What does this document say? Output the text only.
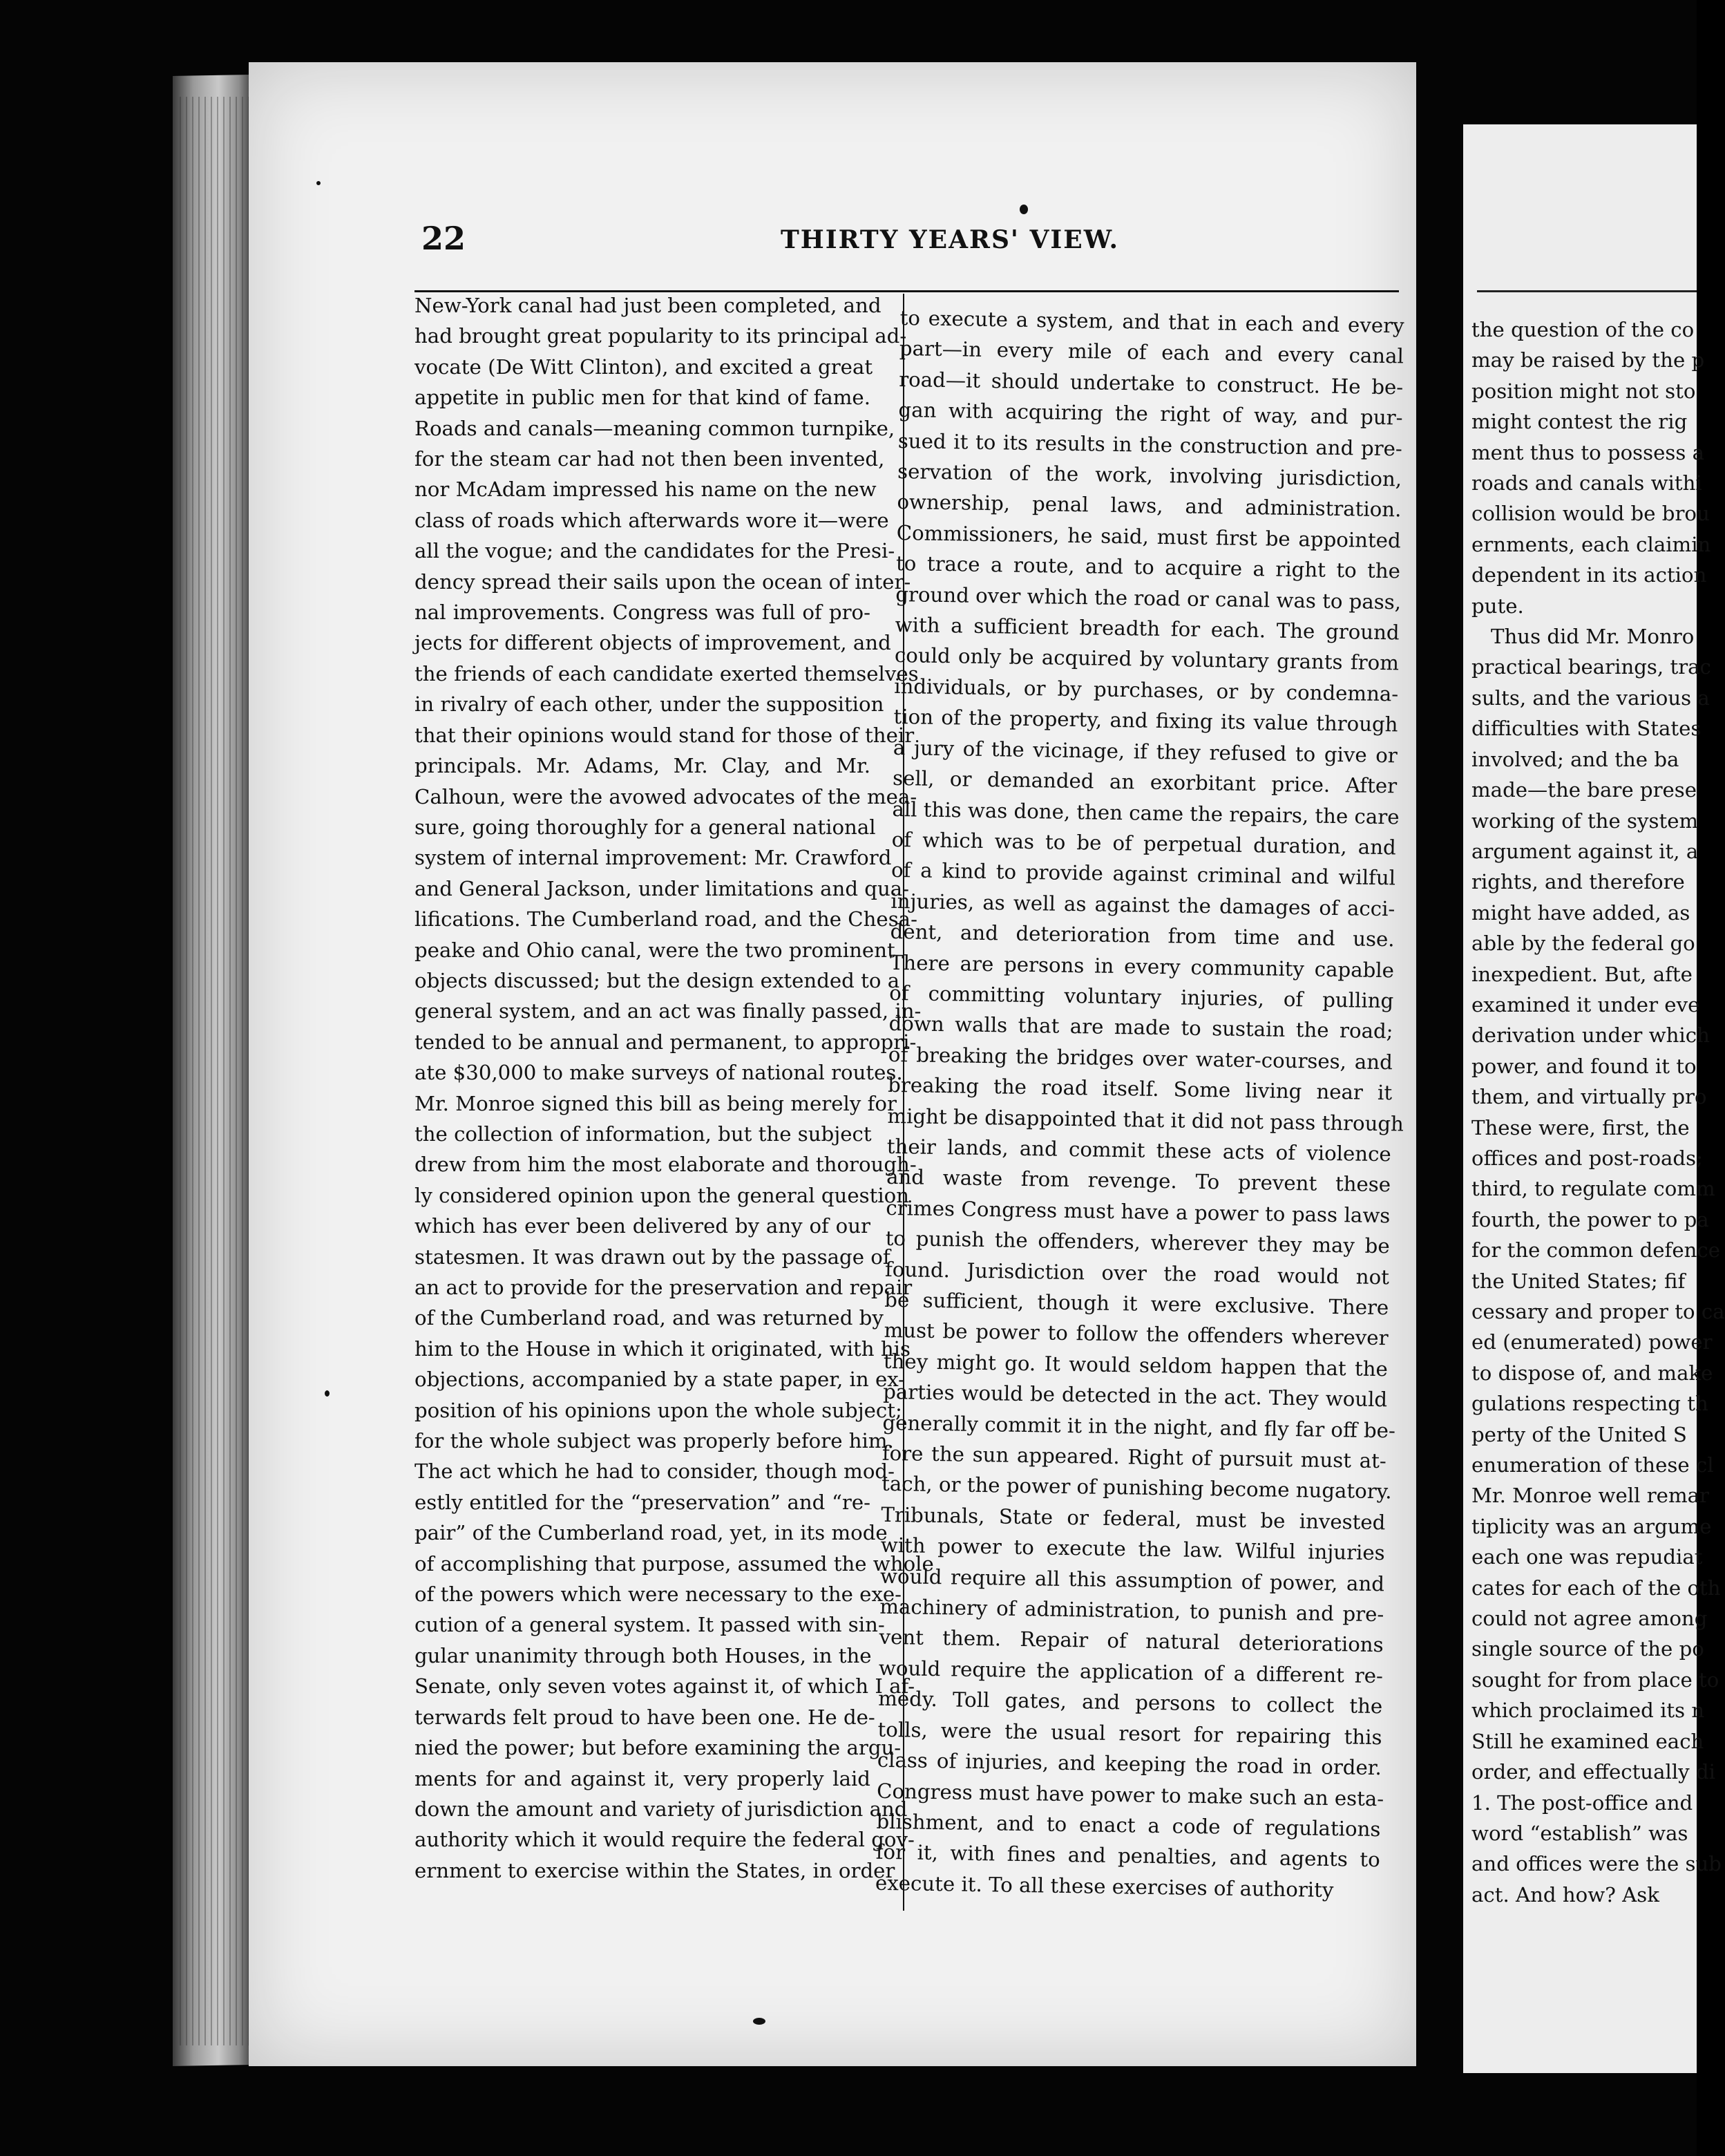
22	THIRTY YEARS' VIEW.
New-York canal had just been completed, and
had brought great popularity to its principal ad-
vocate (De Witt Clinton), and excited a great
appetite in public men for that kind of fame.
Roads and canals—meaning common turnpike,
for the steam car had not then been invented,
nor McAdam impressed his name on the new
class of roads which afterwards wore it—were
all the vogue; and the candidates for the Presi-
dency spread their sails upon the ocean of inter-
nal improvements. Congress was full of pro-
jects for different objects of improvement, and
the friends of each candidate exerted themselves
in rivalry of each other, under the supposition
that their opinions would stand for those of their
principals. Mr. Adams, Mr. Clay, and Mr.
Calhoun, were the avowed advocates of the mea-
sure, going thoroughly for a general national
system of internal improvement: Mr. Crawford
and General Jackson, under limitations and qua-
lifications. The Cumberland road, and the Chesa-
peake and Ohio canal, were the two prominent
objects discussed; but the design extended to a
general system, and an act was finally passed, in-
tended to be annual and permanent, to appropri-
ate $30,000 to make surveys of national routes.
Mr. Monroe signed this bill as being merely for
the collection of information, but the subject
drew from him the most elaborate and thorough-
ly considered opinion upon the general question
which has ever been delivered by any of our
statesmen. It was drawn out by the passage of
an act to provide for the preservation and repair
of the Cumberland road, and was returned by
him to the House in which it originated, with his
objections, accompanied by a state paper, in ex-
position of his opinions upon the whole subject;
for the whole subject was properly before him.
The act which he had to consider, though mod-
estly entitled for the “preservation” and “re-
pair” of the Cumberland road, yet, in its mode
of accomplishing that purpose, assumed the whole
of the powers which were necessary to the exe-
cution of a general system. It passed with sin-
gular unanimity through both Houses, in the
Senate, only seven votes against it, of which I af-
terwards felt proud to have been one. He de-
nied the power; but before examining the argu-
ments for and against it, very properly laid
down the amount and variety of jurisdiction and
authority which it would require the federal gov-
ernment to exercise within the States, in order
to execute a system, and that in each and every
part—in every mile of each and every canal
road—it should undertake to construct. He be-
gan with acquiring the right of way, and pur-
sued it to its results in the construction and pre-
servation of the work, involving jurisdiction,
ownership, penal laws, and administration.
Commissioners, he said, must first be appointed
to trace a route, and to acquire a right to the
ground over which the road or canal was to pass,
with a sufficient breadth for each. The ground
could only be acquired by voluntary grants from
individuals, or by purchases, or by condemna-
tion of the property, and fixing its value through
a jury of the vicinage, if they refused to give or
sell, or demanded an exorbitant price. After
all this was done, then came the repairs, the care
of which was to be of perpetual duration, and
of a kind to provide against criminal and wilful
injuries, as well as against the damages of acci-
dent, and deterioration from time and use.
There are persons in every community capable
of committing voluntary injuries, of pulling
down walls that are made to sustain the road;
of breaking the bridges over water-courses, and
breaking the road itself. Some living near it
might be disappointed that it did not pass through
their lands, and commit these acts of violence
and waste from revenge. To prevent these
crimes Congress must have a power to pass laws
to punish the offenders, wherever they may be
found. Jurisdiction over the road would not
be sufficient, though it were exclusive. There
must be power to follow the offenders wherever
they might go. It would seldom happen that the
parties would be detected in the act. They would
generally commit it in the night, and fly far off be-
fore the sun appeared. Right of pursuit must at-
tach, or the power of punishing become nugatory.
Tribunals, State or federal, must be invested
with power to execute the law. Wilful injuries
would require all this assumption of power, and
machinery of administration, to punish and pre-
vent them. Repair of natural deteriorations
would require the application of a different re-
medy. Toll gates, and persons to collect the
tolls, were the usual resort for repairing this
class of injuries, and keeping the road in order.
Congress must have power to make such an esta-
blishment, and to enact a code of regulations
for it, with fines and penalties, and agents to
execute it. To all these exercises of authority
the question of the co
may be raised by the p
position might not sto
might contest the rig
ment thus to possess a
roads and canals withi
collision would be brou
ernments, each claimin
dependent in its action
pute.
Thus did Mr. Monro
practical bearings, trac
sults, and the various a
difficulties with States
involved; and the ba
made—the bare prese
working of the system
argument against it, a
rights, and therefore
might have added, as
able by the federal go
inexpedient. But, afte
examined it under eve
derivation under which
power, and found it to
them, and virtually pro
These were, first, the
offices and post-roads;
third, to regulate comm
fourth, the power to pa
for the common defence
the United States; fif
cessary and proper to ca
ed (enumerated) power
to dispose of, and make
gulations respecting th
perty of the United S
enumeration of these cl
Mr. Monroe well remar
tiplicity was an argume
each one was repudiat
cates for each of the oth
could not agree among
single source of the po
sought for from place to
which proclaimed its n
Still he examined each
order, and effectually di
1. The post-office and
word “establish” was
and offices were the sub
act. And how? Ask
